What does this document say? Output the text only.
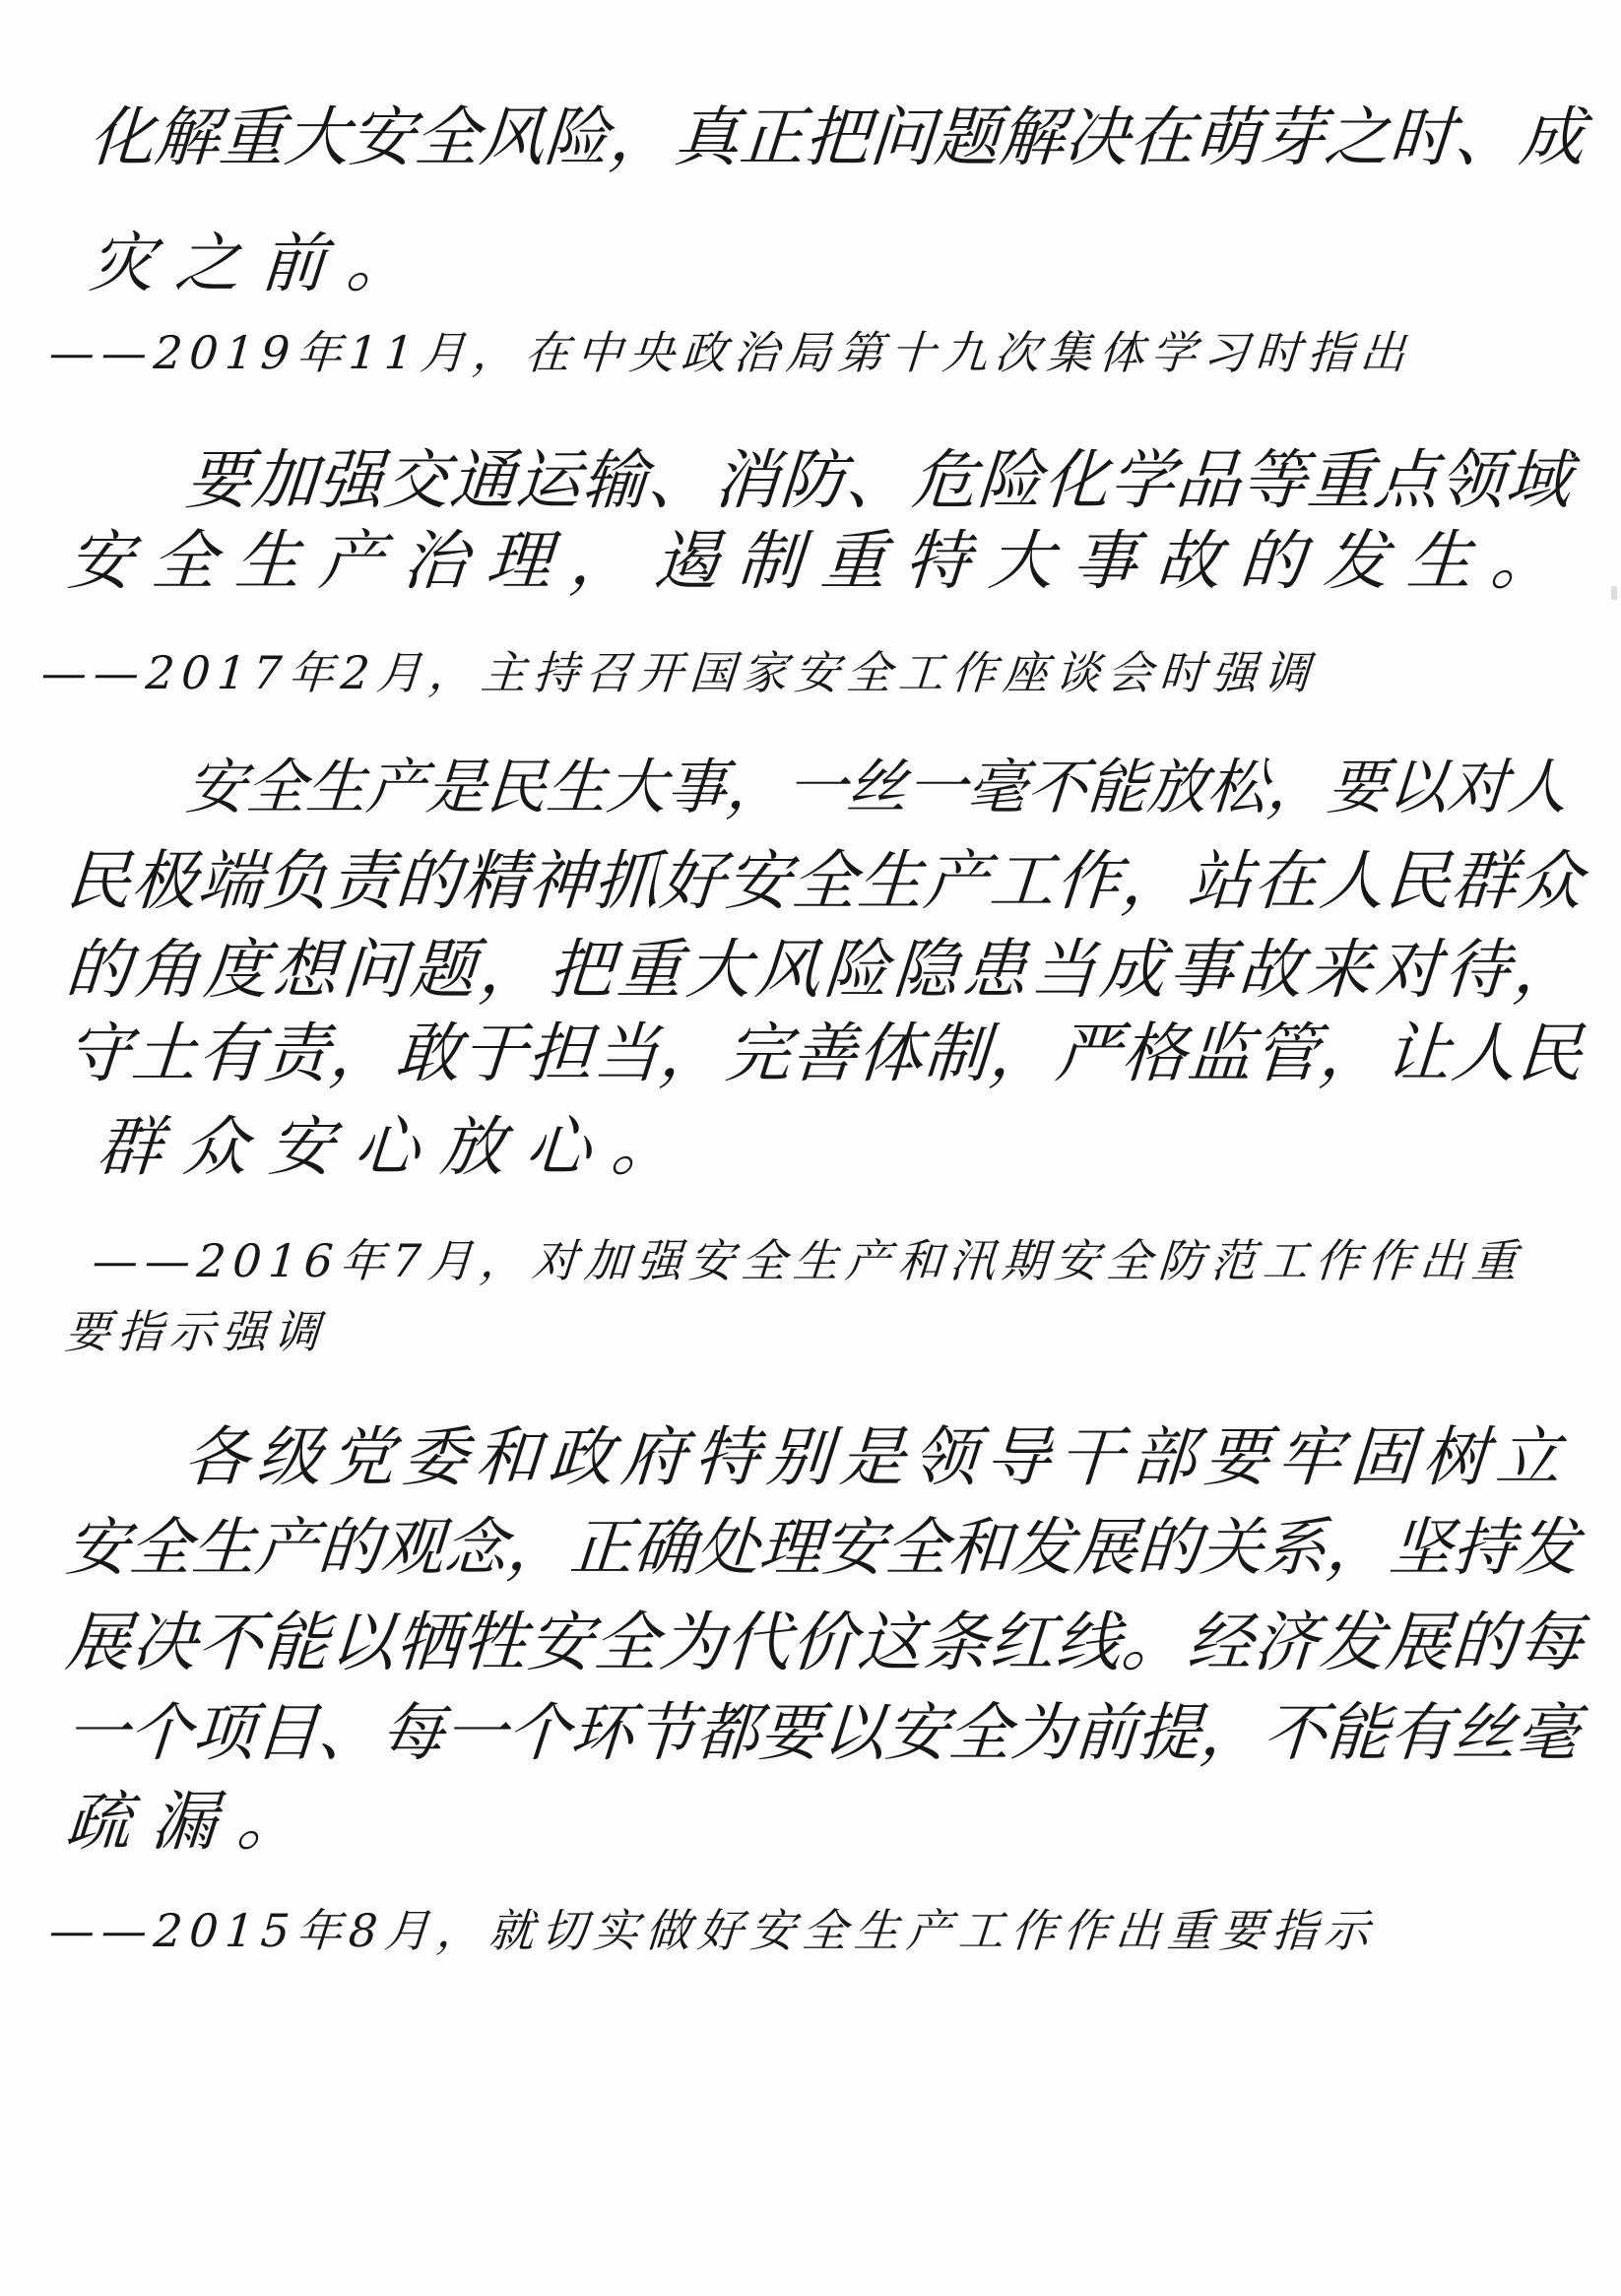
化解重大安全风险，真正把问题解决在萌芽之时、成
灾之前。
——2019年11月，在中央政治局第十九次集体学习时指出
要加强交通运输、消防、危险化学品等重点领域
安全生产治理，遏制重特大事故的发生。
——2017年2月，主持召开国家安全工作座谈会时强调
安全生产是民生大事，一丝一毫不能放松，要以对人
民极端负责的精神抓好安全生产工作，站在人民群众
的角度想问题，把重大风险隐患当成事故来对待，
守土有责，敢于担当，完善体制，严格监管，让人民
群众安心放心。
——2016年7月，对加强安全生产和汛期安全防范工作作出重
要指示强调
各级党委和政府特别是领导干部要牢固树立
安全生产的观念，正确处理安全和发展的关系，坚持发
展决不能以牺牲安全为代价这条红线。经济发展的每
一个项目、每一个环节都要以安全为前提，不能有丝毫
疏漏。
——2015年8月，就切实做好安全生产工作作出重要指示
